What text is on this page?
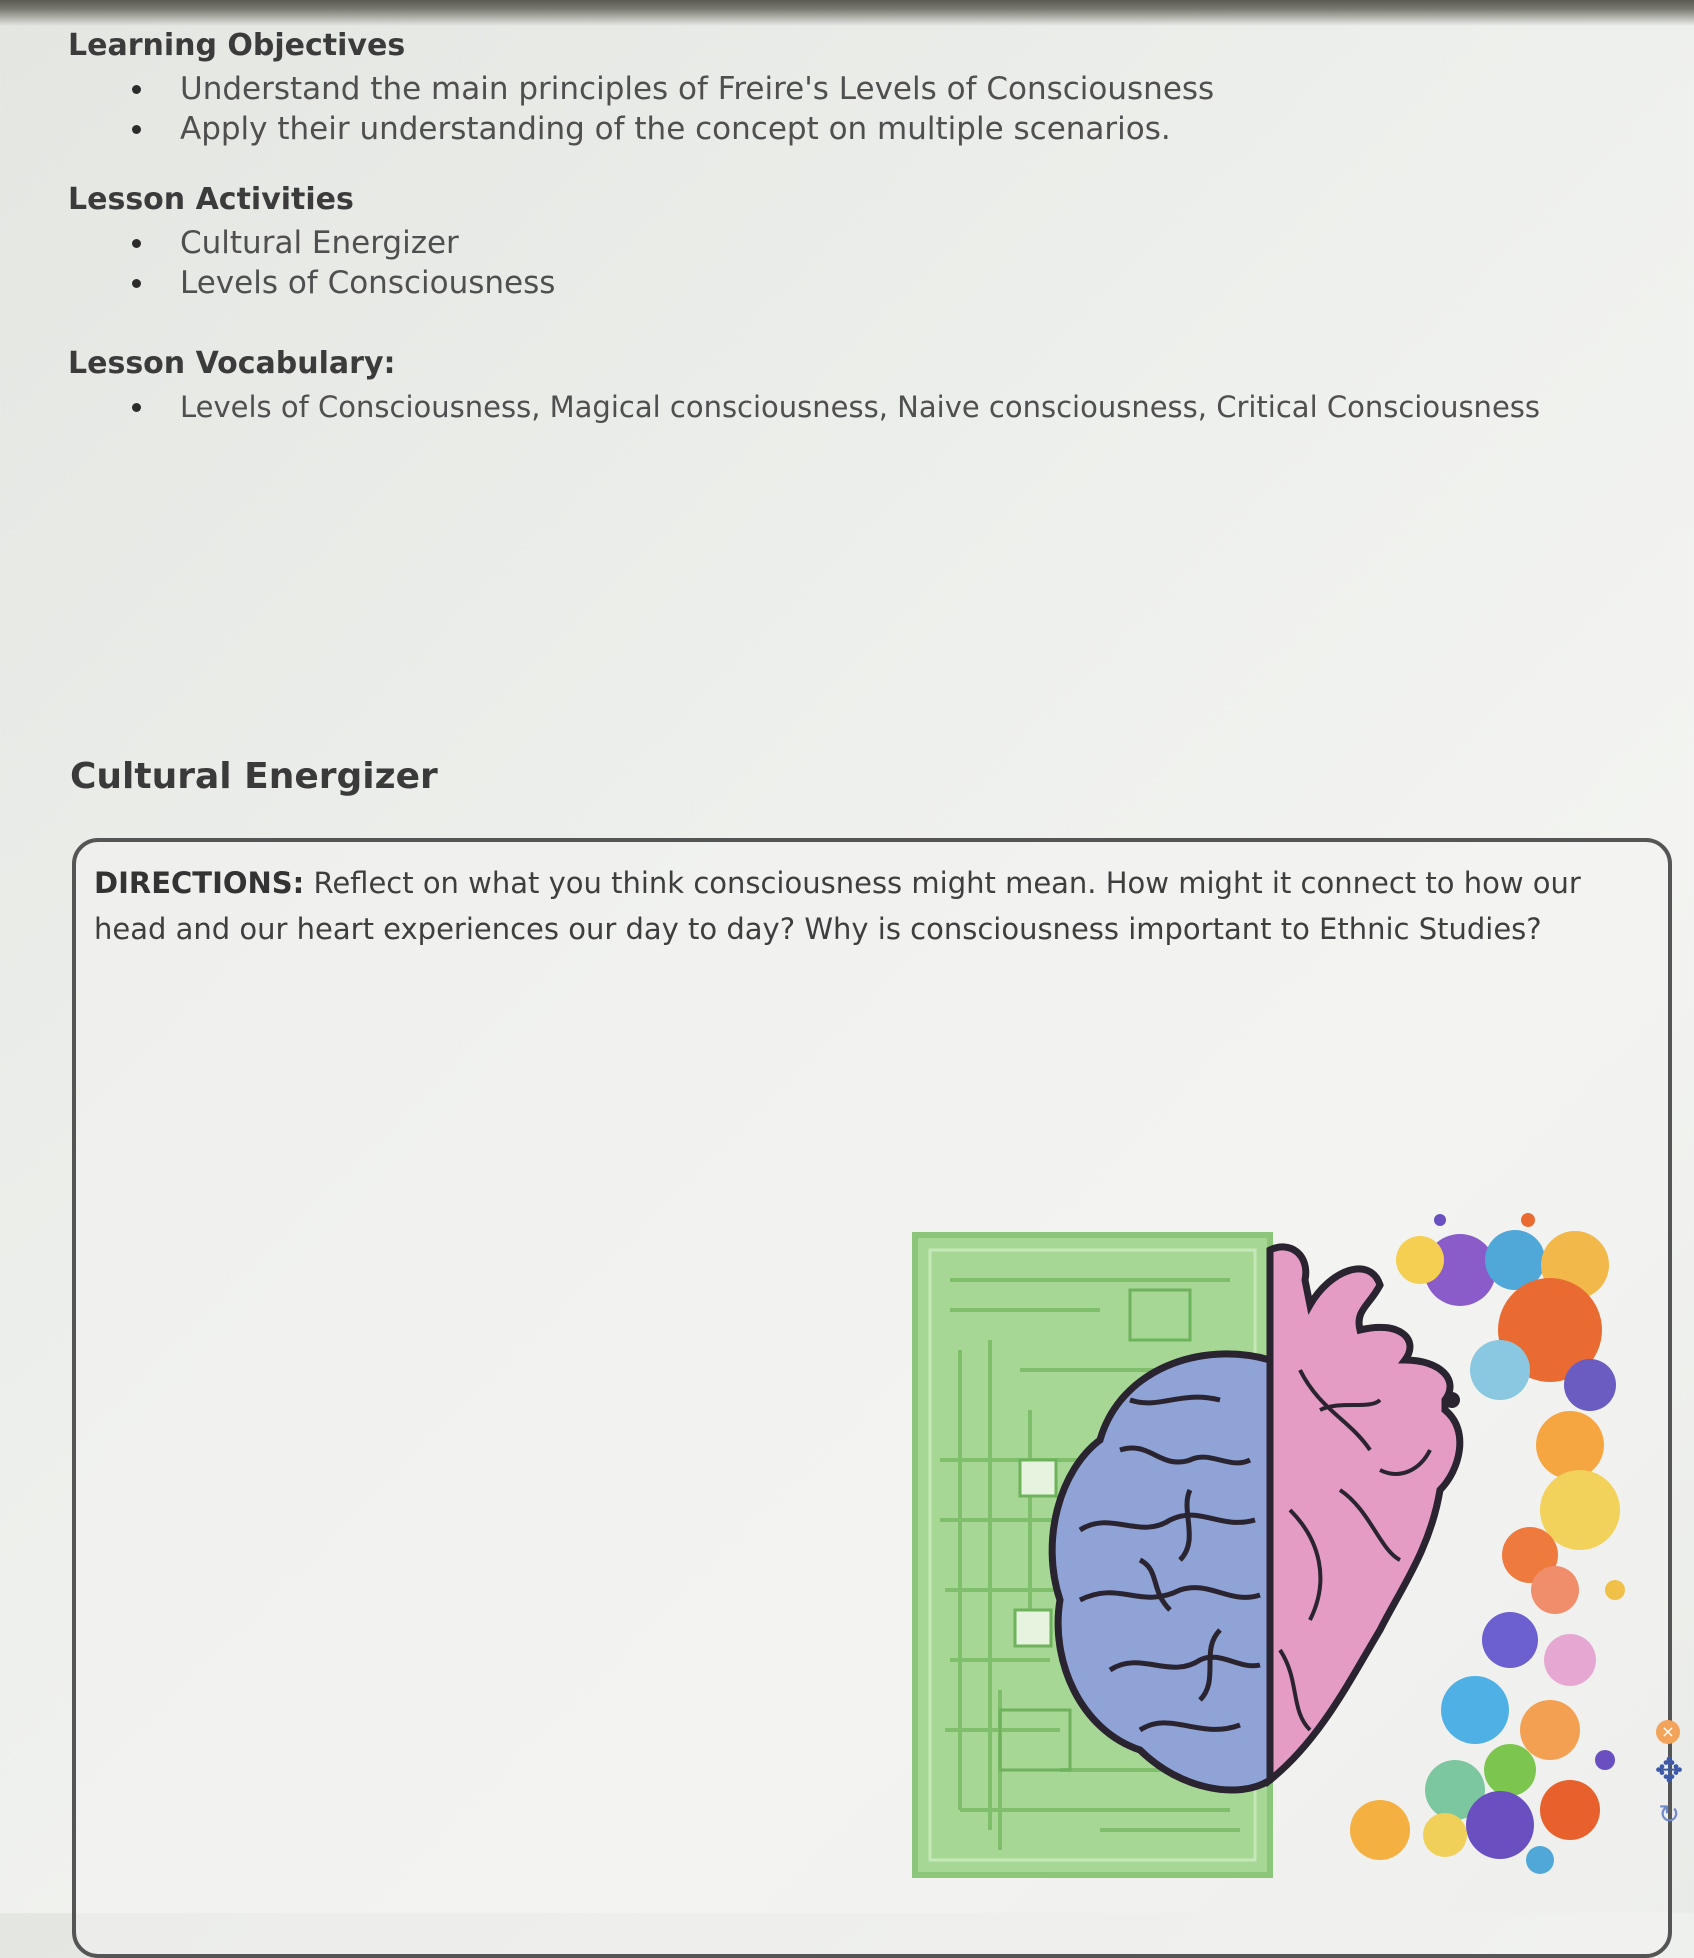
Learning Objectives
Understand the main principles of Freire's Levels of Consciousness
Apply their understanding of the concept on multiple scenarios.
Lesson Activities
Cultural Energizer
Levels of Consciousness
Lesson Vocabulary:
Levels of Consciousness, Magical consciousness, Naive consciousness, Critical Consciousness
Cultural Energizer

DIRECTIONS: Reflect on what you think consciousness might mean. How might it connect to how our head and our heart experiences our day to day? Why is consciousness important to Ethnic Studies?

×
✥
↻
